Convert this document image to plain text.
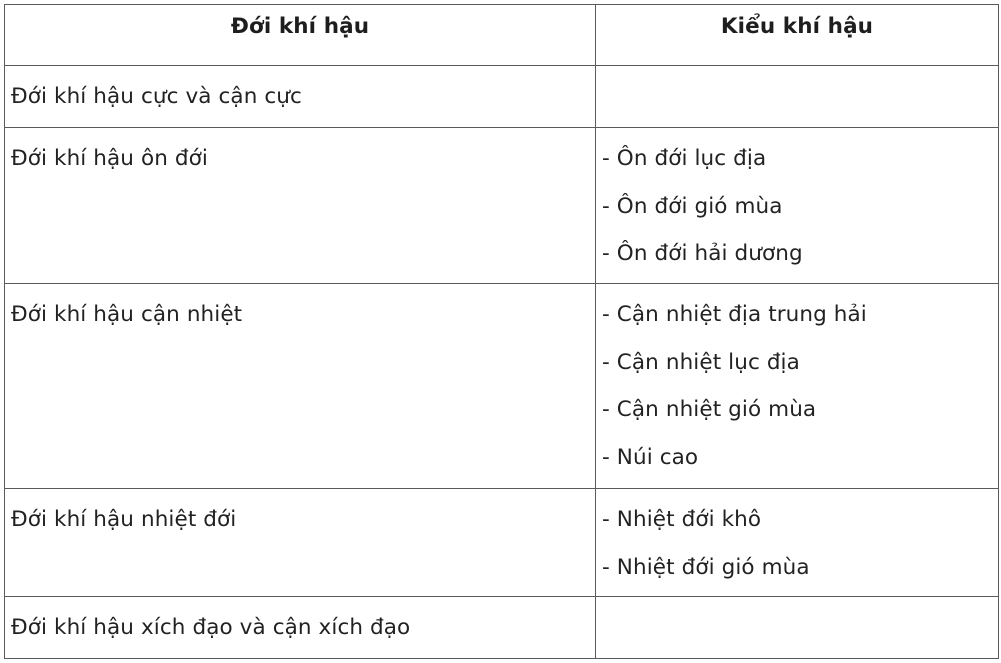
Đới khí hậu	Kiểu khí hậu
Đới khí hậu cực và cận cực	
Đới khí hậu ôn đới	- Ôn đới lục địa
- Ôn đới gió mùa
- Ôn đới hải dương

Đới khí hậu cận nhiệt	- Cận nhiệt địa trung hải
- Cận nhiệt lục địa
- Cận nhiệt gió mùa
- Núi cao

Đới khí hậu nhiệt đới	- Nhiệt đới khô
- Nhiệt đới gió mùa

Đới khí hậu xích đạo và cận xích đạo	
